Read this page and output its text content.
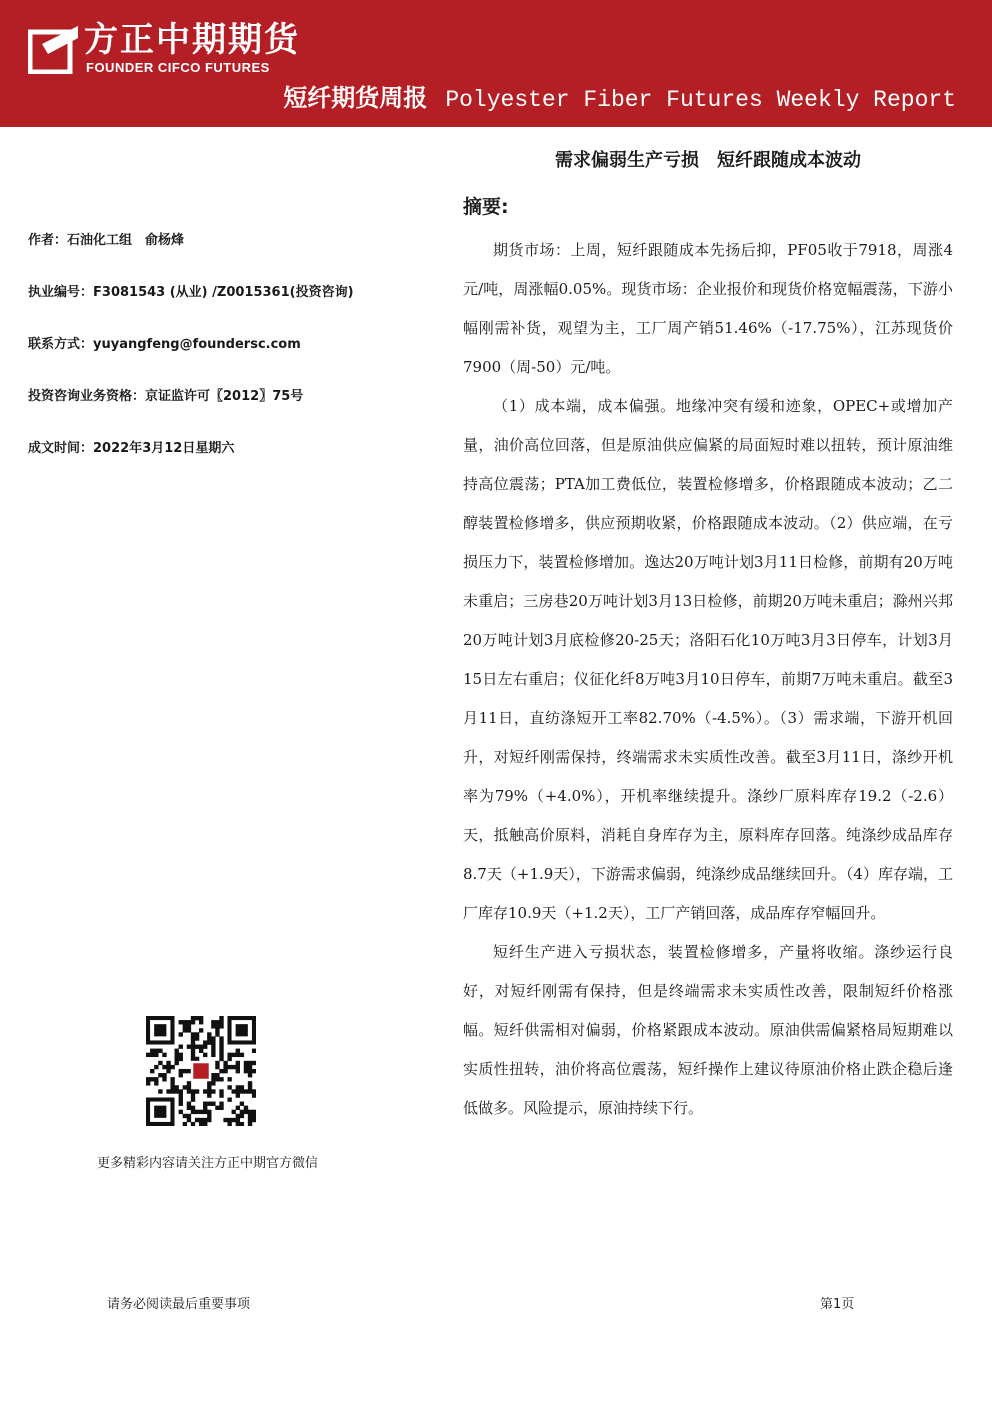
方正中期期货
FOUNDER CIFCO FUTURES
短纤期货周报 Polyester Fiber Futures Weekly Report
需求偏弱生产亏损　短纤跟随成本波动
摘要:
作者：石油化工组　俞杨烽
执业编号：F3081543 (从业) /Z0015361(投资咨询)
联系方式：yuyangfeng@foundersc.com
投资咨询业务资格：京证监许可〖2012〗75号
成文时间：2022年3月12日星期六
更多精彩内容请关注方正中期官方微信

期货市场：上周，短纤跟随成本先扬后抑，PF05收于7918，周涨4元/吨，周涨幅0.05%。现货市场：企业报价和现货价格宽幅震荡，下游小幅刚需补货，观望为主，工厂周产销51.46%（-17.75%），江苏现货价7900（周-50）元/吨。

（1）成本端，成本偏强。地缘冲突有缓和迹象，OPEC+或增加产量，油价高位回落，但是原油供应偏紧的局面短时难以扭转，预计原油维持高位震荡；PTA加工费低位，装置检修增多，价格跟随成本波动；乙二醇装置检修增多，供应预期收紧，价格跟随成本波动。（2）供应端，在亏损压力下，装置检修增加。逸达20万吨计划3月11日检修，前期有20万吨未重启；三房巷20万吨计划3月13日检修，前期20万吨未重启；滁州兴邦20万吨计划3月底检修20-25天；洛阳石化10万吨3月3日停车，计划3月15日左右重启；仪征化纤8万吨3月10日停车，前期7万吨未重启。截至3月11日，直纺涤短开工率82.70%（-4.5%）。（3）需求端，下游开机回升，对短纤刚需保持，终端需求未实质性改善。截至3月11日，涤纱开机率为79%（+4.0%），开机率继续提升。涤纱厂原料库存19.2（-2.6）天，抵触高价原料，消耗自身库存为主，原料库存回落。纯涤纱成品库存8.7天（+1.9天），下游需求偏弱，纯涤纱成品继续回升。（4）库存端，工厂库存10.9天（+1.2天），工厂产销回落，成品库存窄幅回升。

短纤生产进入亏损状态，装置检修增多，产量将收缩。涤纱运行良好，对短纤刚需有保持，但是终端需求未实质性改善，限制短纤价格涨幅。短纤供需相对偏弱，价格紧跟成本波动。原油供需偏紧格局短期难以实质性扭转，油价将高位震荡，短纤操作上建议待原油价格止跌企稳后逢低做多。风险提示，原油持续下行。

请务必阅读最后重要事项	第1页
